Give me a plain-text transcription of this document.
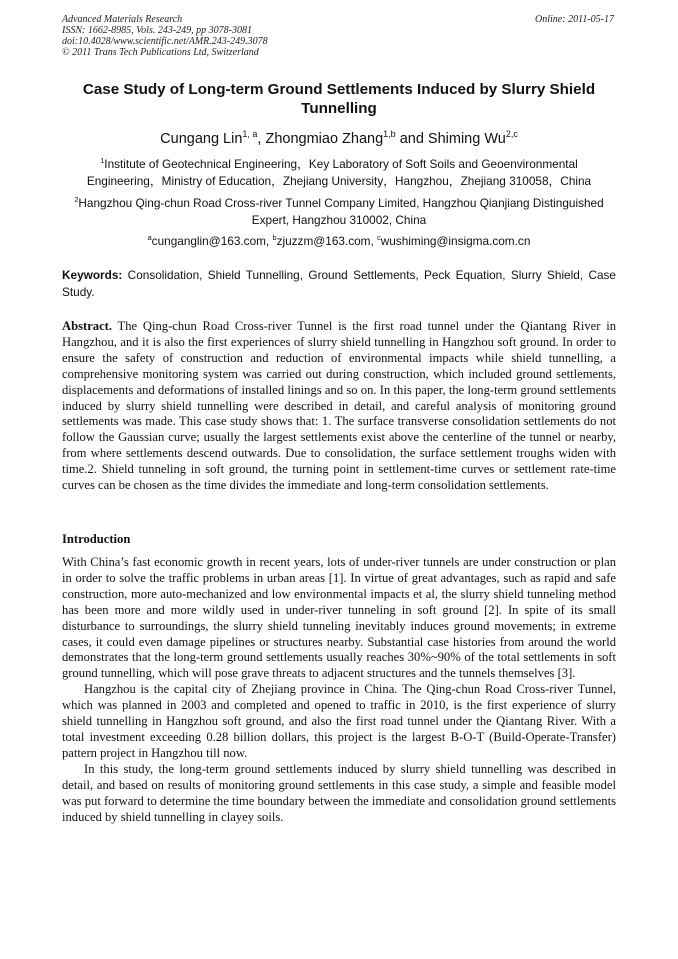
Advanced Materials Research
ISSN: 1662-8985, Vols. 243-249, pp 3078-3081
doi:10.4028/www.scientific.net/AMR.243-249.3078
© 2011 Trans Tech Publications Ltd, Switzerland
Online: 2011-05-17
Case Study of Long-term Ground Settlements Induced by Slurry Shield Tunnelling
Cungang Lin$^{1, a}$, Zhongmiao Zhang$^{1,b}$ and Shiming Wu$^{2,c}$
$^1$Institute of Geotechnical Engineering，Key Laboratory of Soft Soils and Geoenvironmental Engineering，Ministry of Education，Zhejiang University，Hangzhou，Zhejiang 310058，China
$^2$Hangzhou Qing-chun Road Cross-river Tunnel Company Limited, Hangzhou Qianjiang Distinguished Expert, Hangzhou 310002, China
$^a$cunganglin@163.com, $^b$zjuzzm@163.com, $^c$wushiming@insigma.com.cn
Keywords: Consolidation, Shield Tunnelling, Ground Settlements, Peck Equation, Slurry Shield, Case Study.
Abstract. The Qing-chun Road Cross-river Tunnel is the first road tunnel under the Qiantang River in Hangzhou, and it is also the first experiences of slurry shield tunnelling in Hangzhou soft ground. In order to ensure the safety of construction and reduction of environmental impacts while shield tunnelling, a comprehensive monitoring system was carried out during construction, which included ground settlements, displacements and deformations of installed linings and so on. In this paper, the long-term ground settlements induced by slurry shield tunnelling were described in detail, and careful analysis of monitoring ground settlements was made. This case study shows that: 1. The surface transverse consolidation settlements do not follow the Gaussian curve; usually the largest settlements exist above the centerline of the tunnel or nearby, from where settlements descend outwards. Due to consolidation, the surface settlement troughs widen with time.2. Shield tunneling in soft ground, the turning point in settlement-time curves or settlement rate-time curves can be chosen as the time divides the immediate and long-term consolidation settlements.
Introduction

With China’s fast economic growth in recent years, lots of under-river tunnels are under construction or plan in order to solve the traffic problems in urban areas [1]. In virtue of great advantages, such as rapid and safe construction, more auto-mechanized and low environmental impacts et al, the slurry shield tunneling method has been more and more wildly used in under-river tunneling in soft ground [2]. In spite of its small disturbance to surroundings, the slurry shield tunneling inevitably induces ground movements; in extreme cases, it could even damage pipelines or structures nearby. Substantial case histories from around the world demonstrates that the long-term ground settlements usually reaches 30%~90% of the total settlements in soft ground tunnelling, which will pose grave threats to adjacent structures and the tunnels themselves [3].

Hangzhou is the capital city of Zhejiang province in China. The Qing-chun Road Cross-river Tunnel, which was planned in 2003 and completed and opened to traffic in 2010, is the first experience of slurry shield tunnelling in Hangzhou soft ground, and also the first road tunnel under the Qiantang River. With a total investment exceeding 0.28 billion dollars, this project is the largest B-O-T (Build-Operate-Transfer) pattern project in Hangzhou till now.

In this study, the long-term ground settlements induced by slurry shield tunnelling was described in detail, and based on results of monitoring ground settlements in this case study, a simple and feasible model was put forward to determine the time boundary between the immediate and consolidation ground settlements induced by shield tunnelling in clayey soils.
